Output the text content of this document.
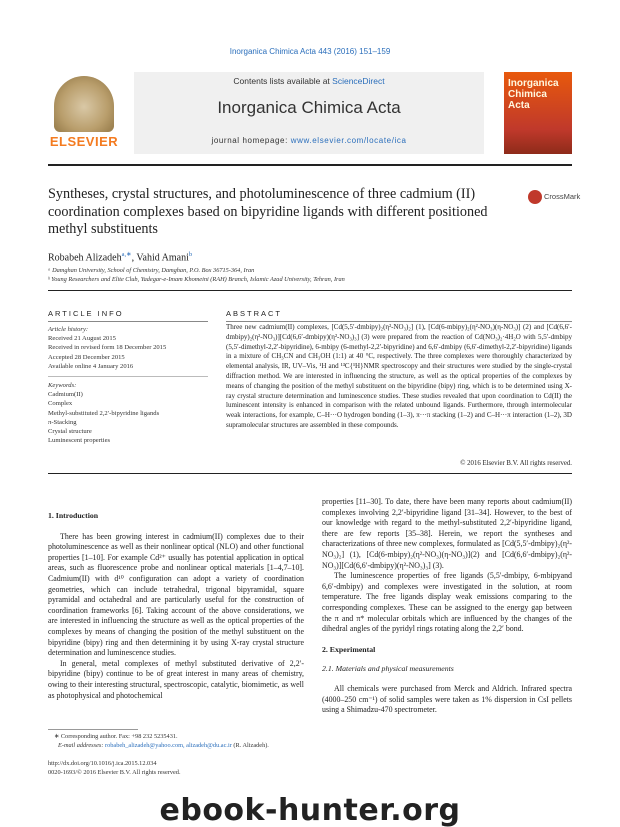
Inorganica Chimica Acta 443 (2016) 151–159
ELSEVIER
Contents lists available at ScienceDirect
Inorganica Chimica Acta
journal homepage: www.elsevier.com/locate/ica
Inorganica
Chimica
Acta
Syntheses, crystal structures, and photoluminescence of three cadmium (II) coordination complexes based on bipyridine ligands with different positioned methyl substituents
CrossMark
Robabeh Alizadeh$^{a,∗}$, Vahid Amani$^b$
ᵃ Damghan University, School of Chemistry, Damghan, P.O. Box 36715-364, Iran
ᵇ Young Researchers and Elite Club, Yadegar-e-Imam Khomeini (RAH) Branch, Islamic Azad University, Tehran, Iran
ARTICLE INFO
Article history:
Received 21 August 2015
Received in revised form 18 December 2015
Accepted 28 December 2015
Available online 4 January 2016
Keywords:
Cadmium(II)
Complex
Methyl-substituted 2,2′-bipyridine ligands
π-Stacking
Crystal structure
Luminescent properties
ABSTRACT
Three new cadmium(II) complexes, [Cd(5,5′-dmbipy)₂(η²-NO₃)₂] (1), [Cd(6-mbipy)₂(η²-NO₃)(η-NO₃)] (2) and [Cd(6,6′-dmbipy)₂(η²-NO₃)][Cd(6,6′-dmbipy)(η²-NO₃)₃] (3) were prepared from the reaction of Cd(NO₃)₂·4H₂O with 5,5′-dmbipy (5,5′-dimethyl-2,2′-bipyridine), 6-mbipy (6-methyl-2,2′-bipyridine) and 6,6′-dmbipy (6,6′-dimethyl-2,2′-bipyridine) ligands in a mixture of CH₃CN and CH₃OH (1:1) at 40 °C, respectively. The three complexes were thoroughly characterized by elemental analysis, IR, UV–Vis, ¹H and ¹³C{¹H}NMR spectroscopy and their structures were studied by the single-crystal diffraction method. We are interested in influencing the structure, as well as the optical properties of the complexes by means of changing the position of the methyl substituent on the bipyridine (bipy) ring, which is to be determined using X-ray crystal structure determination and luminescence studies. These studies revealed that upon coordination to Cd(II) the luminescent intensity is enhanced in comparison with the related unbound ligands. Furthermore, through intermolecular weak interactions, for example, C–H···O hydrogen bonding (1–3), π···π stacking (1–2) and C–H···π interaction (1–2), 3D supramolecular structures are assembled in these compounds.
© 2016 Elsevier B.V. All rights reserved.
1. Introduction

There has been growing interest in cadmium(II) complexes due to their photoluminescence as well as their nonlinear optical (NLO) and other functional properties [1–10]. For example Cd²⁺ usually has potential application in optical areas, such as fluorescence probe and nonlinear optical materials [1–4,7–10]. Cadmium(II) with d¹⁰ configuration can adopt a variety of coordination geometries, which can include tetrahedral, trigonal bipyramidal, square pyramidal and octahedral and are particularly useful for the construction of coordination frameworks [6]. Taking account of the above considerations, we are interested in influencing the structure as well as the optical properties of the complexes by means of changing the position of the methyl substituent on the bipyridine (bipy) ring and then determining it by using X-ray crystal structure determination and luminescence studies.

In general, metal complexes of methyl substituted derivative of 2,2′-bipyridine (bipy) continue to be of great interest in many areas of chemistry, owing to their interesting structural, spectroscopic, catalytic, biomimetic, as well as photophysical and photochemical

properties [11–30]. To date, there have been many reports about cadmium(II) complexes involving 2,2′-bipyridine ligand [31–34]. However, to the best of our knowledge with regard to the methyl-substituted 2,2′-bipyridine ligand, there are few reports [35–38]. Herein, we report the syntheses and characterizations of three new complexes, formulated as [Cd(5,5′-dmbipy)₂(η²-NO₃)₂] (1), [Cd(6-mbipy)₂(η²-NO₃)(η-NO₃)](2) and [Cd(6,6′-dmbipy)₂(η²-NO₃)][Cd(6,6′-dmbipy)(η²-NO₃)₃] (3).

The luminescence properties of free ligands (5,5′-dmbipy, 6-mbipyand 6,6′-dmbipy) and complexes were investigated in the solution, at room temperature. The free ligands display weak emissions comparing to the corresponding complexes. These can be assigned to the energy gap between the π and π* molecular orbitals which are influenced by the changes of the dihedral angles of the pyridyl rings rotating along the 2,2′ bond.

2. Experimental
2.1. Materials and physical measurements

All chemicals were purchased from Merck and Aldrich. Infrared spectra (4000–250 cm⁻¹) of solid samples were taken as 1% dispersion in CsI pellets using a Shimadzu-470 spectrometer.

∗ Corresponding author. Fax: +98 232 5235431.
E-mail addresses: robabeh_alizadeh@yahoo.com, alizadeh@du.ac.ir (R. Alizadeh).
http://dx.doi.org/10.1016/j.ica.2015.12.034
0020-1693/© 2016 Elsevier B.V. All rights reserved.
ebook-hunter.org
